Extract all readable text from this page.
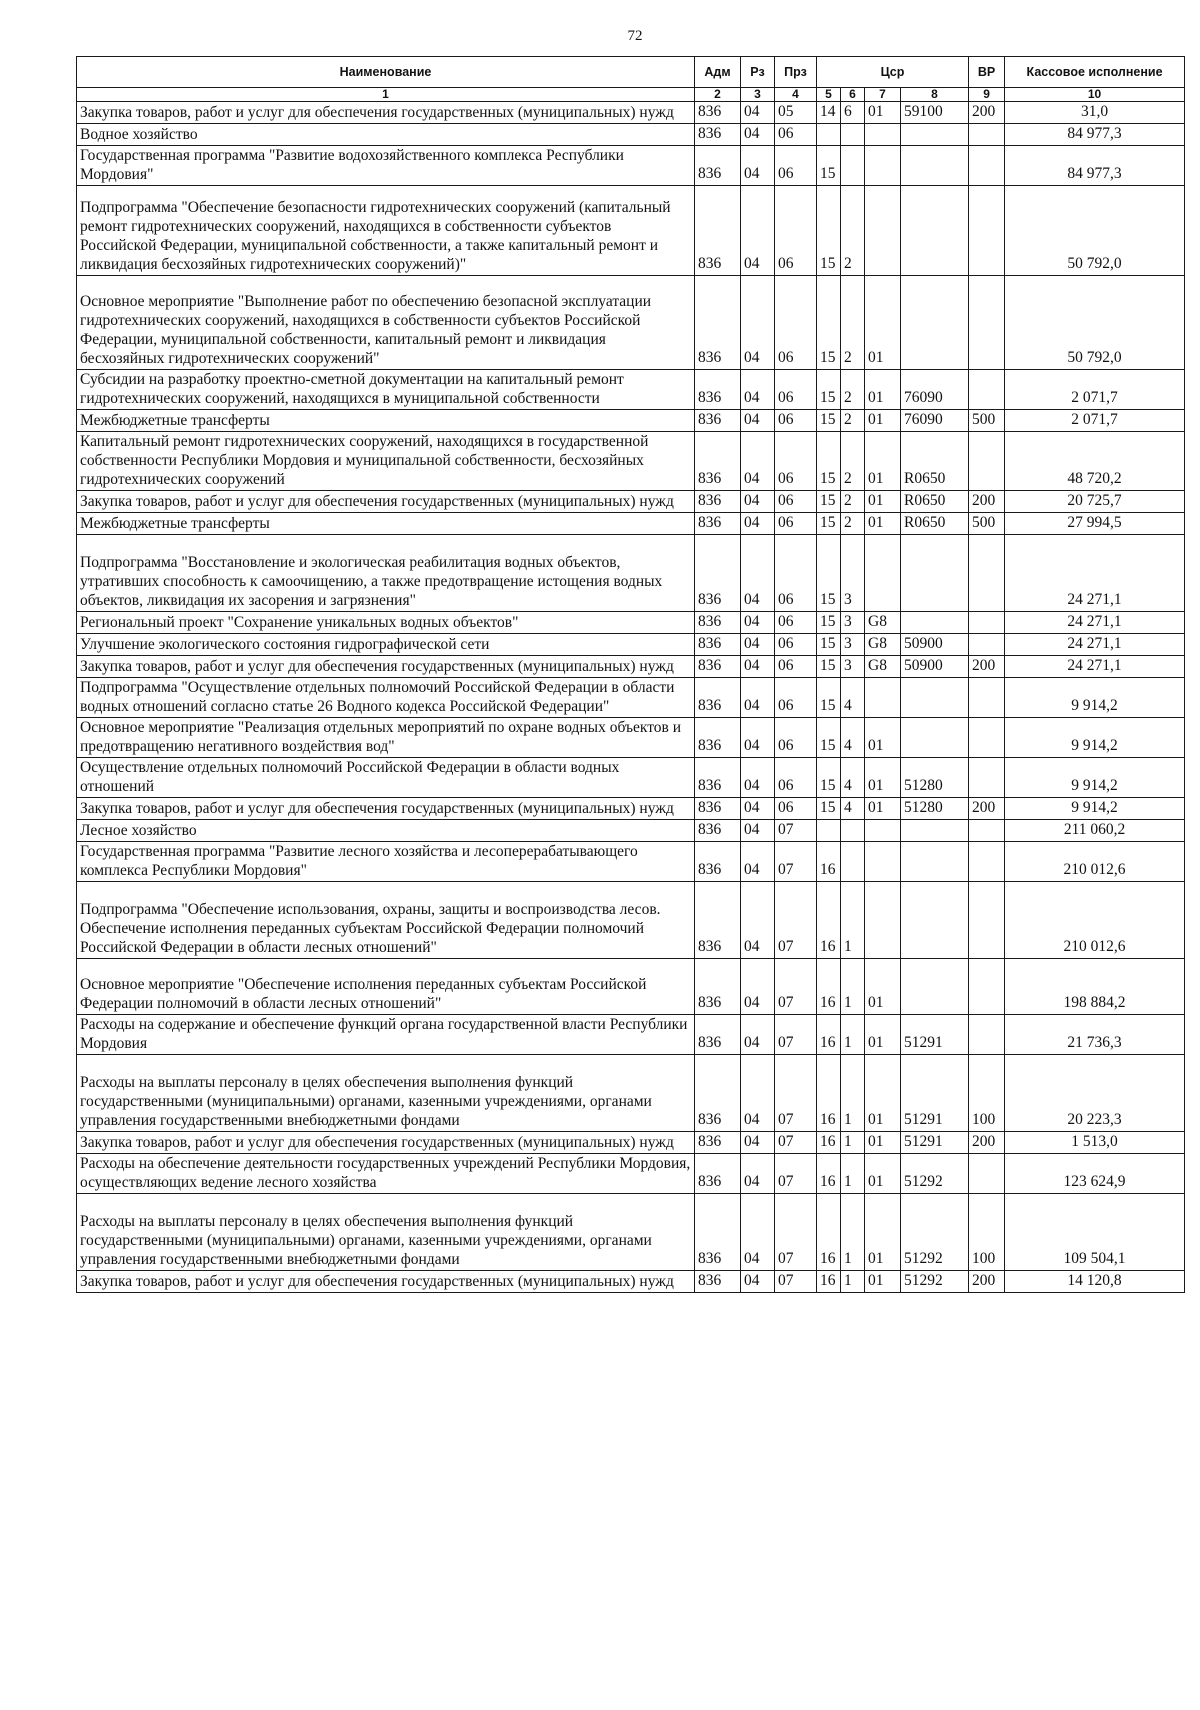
72
Наименование	Адм	Рз	Прз	Цср				ВР	Кассовое исполнение
1	2	3	4	5	6	7	8	9	10
Закупка товаров, работ и услуг для обеспечения государственных (муниципальных) нужд	836	04	05	14	6	01	59100	200	31,0
Водное хозяйство	836	04	06						84 977,3
Государственная программа "Развитие водохозяйственного комплекса Республики Мордовия"	836	04	06	15					84 977,3
Подпрограмма "Обеспечение безопасности гидротехнических сооружений (капитальный ремонт гидротехнических сооружений, находящихся в собственности субъектов Российской Федерации, муниципальной собственности, а также капитальный ремонт и ликвидация бесхозяйных гидротехнических сооружений)"	836	04	06	15	2				50 792,0
Основное мероприятие "Выполнение работ по обеспечению безопасной эксплуатации гидротехнических сооружений, находящихся в собственности субъектов Российской Федерации, муниципальной собственности, капитальный ремонт и ликвидация бесхозяйных гидротехнических сооружений"	836	04	06	15	2	01			50 792,0
Субсидии на разработку проектно-сметной документации на капитальный ремонт гидротехнических сооружений, находящихся в муниципальной собственности	836	04	06	15	2	01	76090		2 071,7
Межбюджетные трансферты	836	04	06	15	2	01	76090	500	2 071,7
Капитальный ремонт гидротехнических сооружений, находящихся в государственной собственности Республики Мордовия и муниципальной собственности, бесхозяйных гидротехнических сооружений	836	04	06	15	2	01	R0650		48 720,2
Закупка товаров, работ и услуг для обеспечения государственных (муниципальных) нужд	836	04	06	15	2	01	R0650	200	20 725,7
Межбюджетные трансферты	836	04	06	15	2	01	R0650	500	27 994,5
Подпрограмма "Восстановление и экологическая реабилитация водных объектов, утративших способность к самоочищению, а также предотвращение истощения водных объектов, ликвидация их засорения и загрязнения"	836	04	06	15	3				24 271,1
Региональный проект "Сохранение уникальных водных объектов"	836	04	06	15	3	G8			24 271,1
Улучшение экологического состояния гидрографической сети	836	04	06	15	3	G8	50900		24 271,1
Закупка товаров, работ и услуг для обеспечения государственных (муниципальных) нужд	836	04	06	15	3	G8	50900	200	24 271,1
Подпрограмма "Осуществление отдельных полномочий Российской Федерации в области водных отношений согласно статье 26 Водного кодекса Российской Федерации"	836	04	06	15	4				9 914,2
Основное мероприятие "Реализация отдельных мероприятий по охране водных объектов и предотвращению негативного воздействия вод"	836	04	06	15	4	01			9 914,2
Осуществление отдельных полномочий Российской Федерации в области водных отношений	836	04	06	15	4	01	51280		9 914,2
Закупка товаров, работ и услуг для обеспечения государственных (муниципальных) нужд	836	04	06	15	4	01	51280	200	9 914,2
Лесное хозяйство	836	04	07						211 060,2
Государственная программа "Развитие лесного хозяйства и лесоперерабатывающего комплекса Республики Мордовия"	836	04	07	16					210 012,6
Подпрограмма "Обеспечение использования, охраны, защиты и воспроизводства лесов. Обеспечение исполнения переданных субъектам Российской Федерации полномочий Российской Федерации в области лесных отношений"	836	04	07	16	1				210 012,6
Основное мероприятие "Обеспечение исполнения переданных субъектам Российской Федерации полномочий в области лесных отношений"	836	04	07	16	1	01			198 884,2
Расходы на содержание и обеспечение функций органа государственной власти Республики Мордовия	836	04	07	16	1	01	51291		21 736,3
Расходы на выплаты персоналу в целях обеспечения выполнения функций государственными (муниципальными) органами, казенными учреждениями, органами управления государственными внебюджетными фондами	836	04	07	16	1	01	51291	100	20 223,3
Закупка товаров, работ и услуг для обеспечения государственных (муниципальных) нужд	836	04	07	16	1	01	51291	200	1 513,0
Расходы на обеспечение деятельности государственных учреждений Республики Мордовия, осуществляющих ведение лесного хозяйства	836	04	07	16	1	01	51292		123 624,9
Расходы на выплаты персоналу в целях обеспечения выполнения функций государственными (муниципальными) органами, казенными учреждениями, органами управления государственными внебюджетными фондами	836	04	07	16	1	01	51292	100	109 504,1
Закупка товаров, работ и услуг для обеспечения государственных (муниципальных) нужд	836	04	07	16	1	01	51292	200	14 120,8
